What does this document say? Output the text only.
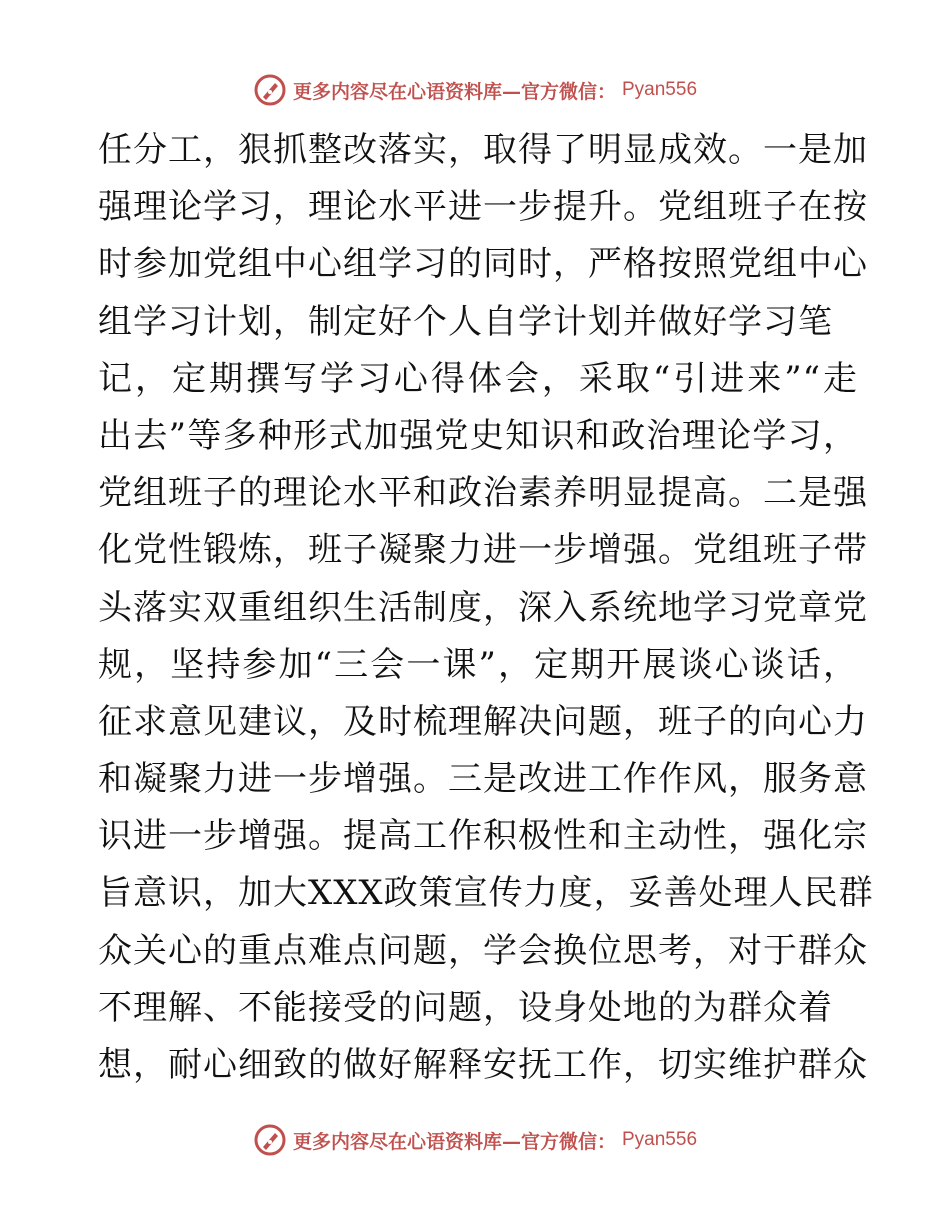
更多内容尽在心语资料库—官方微信： Pyan556
任分工，狠抓整改落实，取得了明显成效。一是加
强理论学习，理论水平进一步提升。党组班子在按
时参加党组中心组学习的同时，严格按照党组中心
组学习计划，制定好个人自学计划并做好学习笔
记，定期撰写学习心得体会，采取“引进来”“走
出去”等多种形式加强党史知识和政治理论学习，
党组班子的理论水平和政治素养明显提高。二是强
化党性锻炼，班子凝聚力进一步增强。党组班子带
头落实双重组织生活制度，深入系统地学习党章党
规，坚持参加“三会一课”，定期开展谈心谈话，
征求意见建议，及时梳理解决问题，班子的向心力
和凝聚力进一步增强。三是改进工作作风，服务意
识进一步增强。提高工作积极性和主动性，强化宗
旨意识，加大XXX政策宣传力度，妥善处理人民群
众关心的重点难点问题，学会换位思考，对于群众
不理解、不能接受的问题，设身处地的为群众着
想，耐心细致的做好解释安抚工作，切实维护群众
更多内容尽在心语资料库—官方微信： Pyan556
